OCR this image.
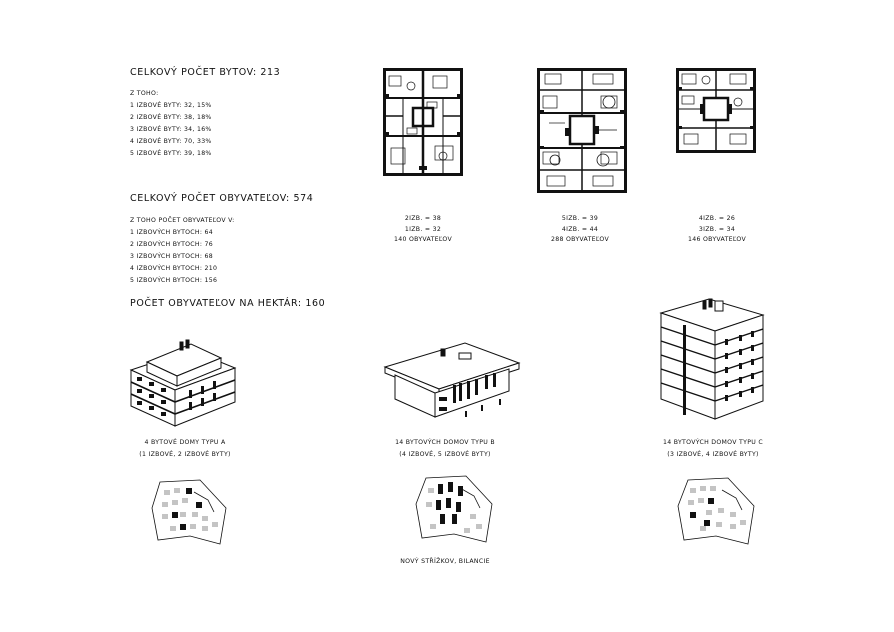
CELKOVÝ POČET BYTOV: 213
Z TOHO:
1 IZBOVÉ BYTY: 32, 15%
2 IZBOVÉ BYTY: 38, 18%
3 IZBOVÉ BYTY: 34, 16%
4 IZBOVÉ BYTY: 70, 33%
5 IZBOVÉ BYTY: 39, 18%
CELKOVÝ POČET OBYVATEĽOV: 574
Z TOHO POČET OBYVATEĽOV V:
1 IZBOVÝCH BYTOCH: 64
2 IZBOVÝCH BYTOCH: 76
3 IZBOVÝCH BYTOCH: 68
4 IZBOVÝCH BYTOCH: 210
5 IZBOVÝCH BYTOCH: 156
POČET OBYVATEĽOV NA HEKTÁR: 160
2IZB. = 38
1IZB. = 32
140 OBYVATEĽOV
5IZB. = 39
4IZB. = 44
288 OBYVATEĽOV
4IZB. = 26
3IZB. = 34
146 OBYVATEĽOV
4 BYTOVÉ DOMY TYPU A
(1 IZBOVÉ, 2 IZBOVÉ BYTY)
14 BYTOVÝCH DOMOV TYPU B
(4 IZBOVÉ, 5 IZBOVÉ BYTY)
14 BYTOVÝCH DOMOV TYPU C
(3 IZBOVÉ, 4 IZBOVÉ BYTY)
NOVÝ STŘÍŽKOV, BILANCIE
